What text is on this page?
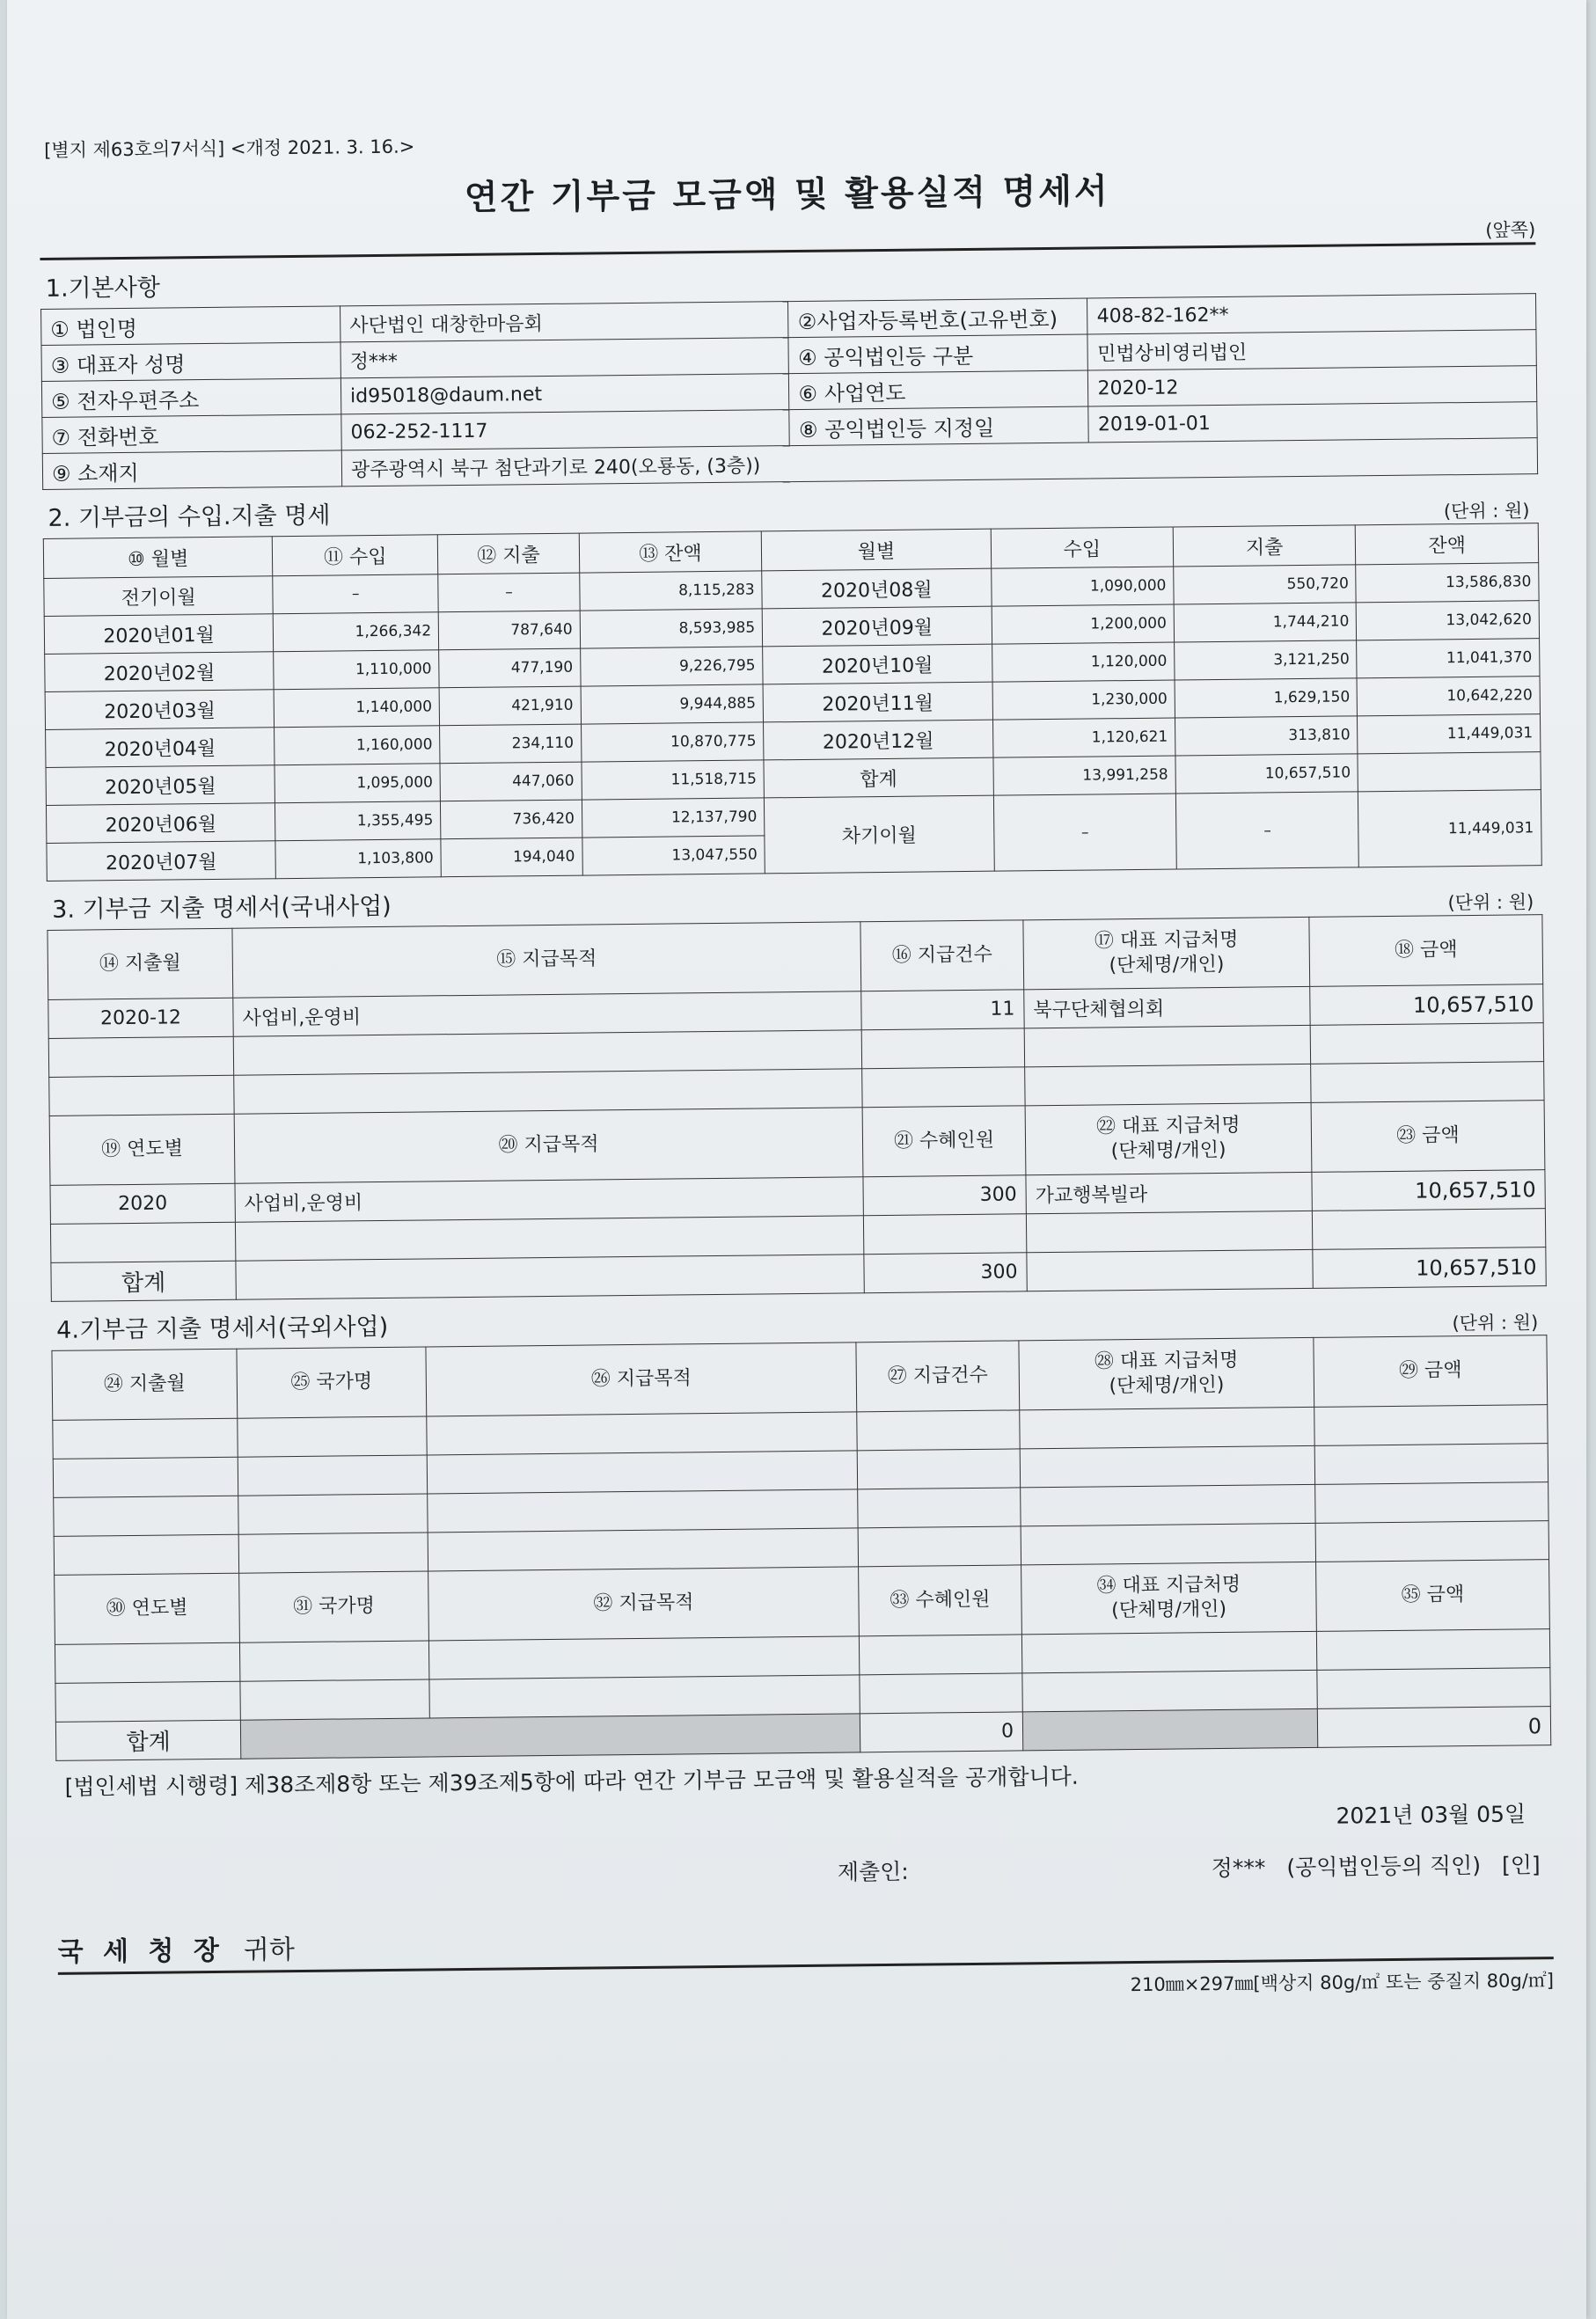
[별지 제63호의7서식] <개정 2021. 3. 16.>
연간 기부금 모금액 및 활용실적 명세서
(앞쪽)
1.기본사항
① 법인명	사단법인 대창한마음회	②사업자등록번호(고유번호)	408-82-162**
③ 대표자 성명	정***	④ 공익법인등 구분	민법상비영리법인
⑤ 전자우편주소	id95018@daum.net	⑥ 사업연도	2020-12
⑦ 전화번호	062-252-1117	⑧ 공익법인등 지정일	2019-01-01
⑨ 소재지	광주광역시 북구 첨단과기로 240(오룡동, (3층))		
2. 기부금의 수입.지출 명세	(단위 : 원)
⑩ 월별	⑪ 수입	⑫ 지출	⑬ 잔액	월별	수입	지출	잔액
전기이월	–	–	8,115,283	2020년08월	1,090,000	550,720	13,586,830
2020년01월	1,266,342	787,640	8,593,985	2020년09월	1,200,000	1,744,210	13,042,620
2020년02월	1,110,000	477,190	9,226,795	2020년10월	1,120,000	3,121,250	11,041,370
2020년03월	1,140,000	421,910	9,944,885	2020년11월	1,230,000	1,629,150	10,642,220
2020년04월	1,160,000	234,110	10,870,775	2020년12월	1,120,621	313,810	11,449,031
2020년05월	1,095,000	447,060	11,518,715	합계	13,991,258	10,657,510	
2020년06월	1,355,495	736,420	12,137,790	차기이월	–	–	11,449,031
2020년07월	1,103,800	194,040	13,047,550				
3. 기부금 지출 명세서(국내사업)	(단위 : 원)
⑭ 지출월	⑮ 지급목적	⑯ 지급건수	⑰ 대표 지급처명
(단체명/개인)	⑱ 금액
2020-12	사업비,운영비	11	북구단체협의회	10,657,510

⑲ 연도별	⑳ 지급목적	㉑ 수혜인원	㉒ 대표 지급처명
(단체명/개인)	㉓ 금액
2020	사업비,운영비	300	가교행복빌라	10,657,510

합계		300		10,657,510
4.기부금 지출 명세서(국외사업)	(단위 : 원)
㉔ 지출월	㉕ 국가명	㉖ 지급목적	㉗ 지급건수	㉘ 대표 지급처명
(단체명/개인)	㉙ 금액

㉚ 연도별	㉛ 국가명	㉜ 지급목적	㉝ 수혜인원	㉞ 대표 지급처명
(단체명/개인)	㉟ 금액

합계			0		0
[법인세법 시행령] 제38조제8항 또는 제39조제5항에 따라 연간 기부금 모금액 및 활용실적을 공개합니다.
2021년 03월 05일
제출인:	정*** (공익법인등의 직인) [인]
국 세 청 장 귀하
210㎜×297㎜[백상지 80g/㎡ 또는 중질지 80g/㎡]
